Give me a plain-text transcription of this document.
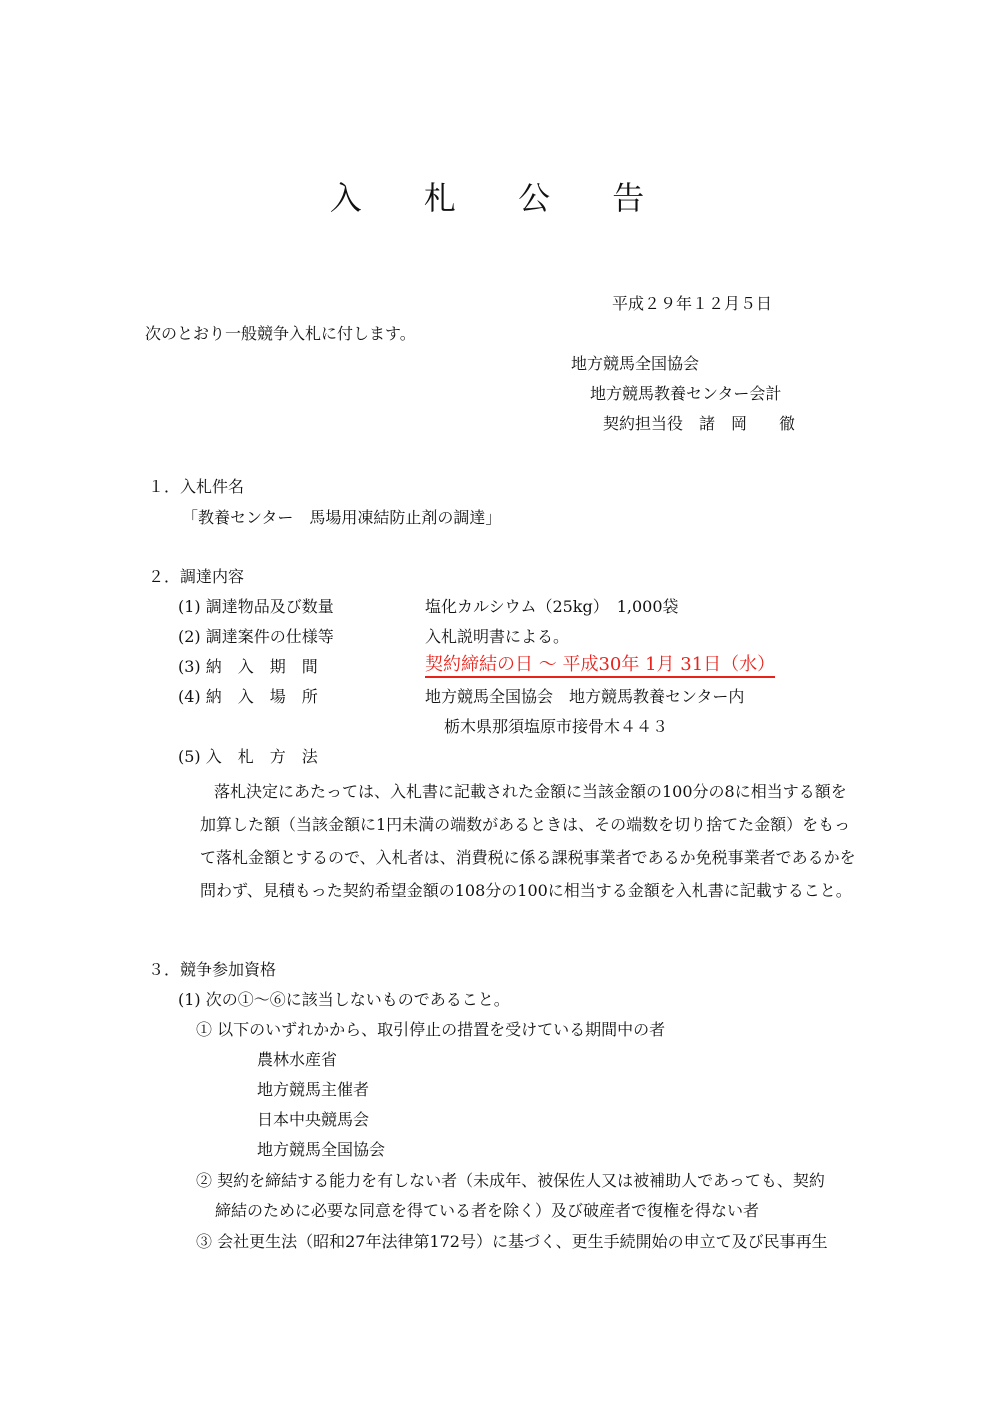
入 札 公 告
平成２９年１２月５日
次のとおり一般競争入札に付します。
地方競馬全国協会
地方競馬教養センター会計
契約担当役　諸　岡　　徹
１．入札件名
「教養センター　馬場用凍結防止剤の調達」
２．調達内容
(1) 調達物品及び数量	塩化カルシウム（25kg）　1,000袋
(2) 調達案件の仕様等	入札説明書による。
(3) 納　入　期　間	契約締結の日 ～ 平成30年 1月 31日（水）
(4) 納　入　場　所	地方競馬全国協会　地方競馬教養センター内
栃木県那須塩原市接骨木４４３
(5) 入　札　方　法
落札決定にあたっては、入札書に記載された金額に当該金額の100分の8に相当する額を加算した額（当該金額に1円未満の端数があるときは、その端数を切り捨てた金額）をもって落札金額とするので、入札者は、消費税に係る課税事業者であるか免税事業者であるかを問わず、見積もった契約希望金額の108分の100に相当する金額を入札書に記載すること。
３．競争参加資格
(1) 次の①～⑥に該当しないものであること。
① 以下のいずれかから、取引停止の措置を受けている期間中の者
農林水産省
地方競馬主催者
日本中央競馬会
地方競馬全国協会
② 契約を締結する能力を有しない者（未成年、被保佐人又は被補助人であっても、契約
締結のために必要な同意を得ている者を除く）及び破産者で復権を得ない者
③ 会社更生法（昭和27年法律第172号）に基づく、更生手続開始の申立て及び民事再生
